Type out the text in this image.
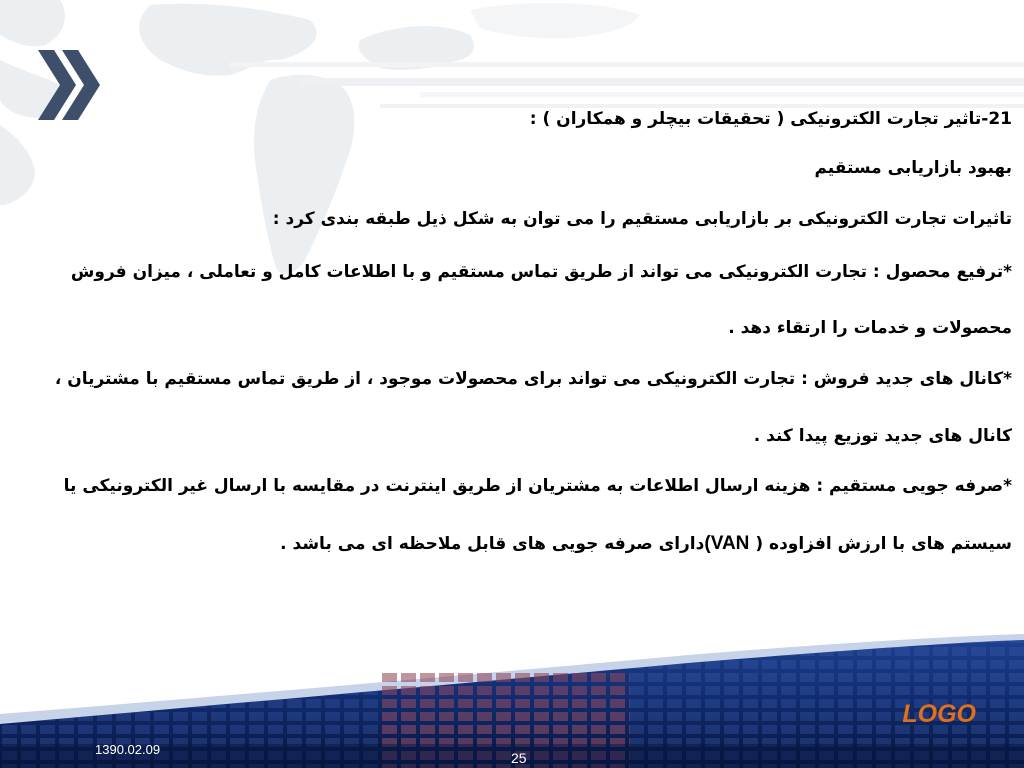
21-تاثیر تجارت الکترونیکی ( تحقیقات بیچلر و همکاران ) :

بهبود بازاریابی مستقیم

تاثیرات تجارت الکترونیکی بر بازاریابی مستقیم را می توان به شکل ذیل طبقه بندی کرد :

*ترفیع محصول : تجارت الکترونیکی می تواند از طریق تماس مستقیم و با اطلاعات کامل و تعاملی ، میزان فروش

محصولات و خدمات را ارتقاء دهد .

*کانال های جدید فروش : تجارت الکترونیکی می تواند برای محصولات موجود ، از طریق تماس مستقیم با مشتریان ،

کانال های جدید توزیع پیدا کند .

*صرفه جویی مستقیم : هزینه ارسال اطلاعات به مشتریان از طریق اینترنت در مقایسه با ارسال غیر الکترونیکی یا

سیستم های با ارزش افزاوده ( (VANدارای صرفه جویی های قابل ملاحظه ای می باشد .

LOGO
1390.02.09
25
